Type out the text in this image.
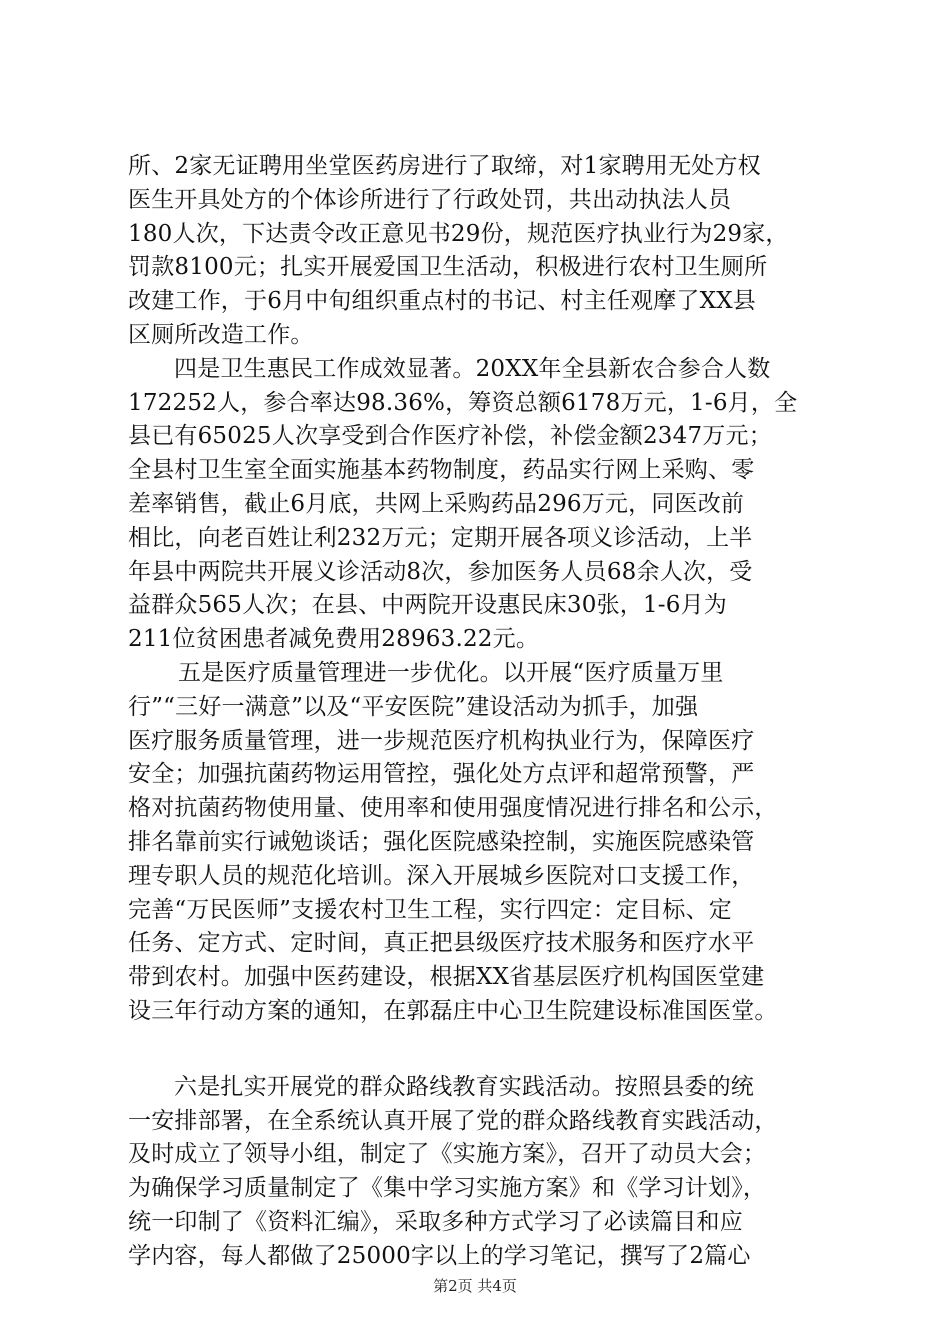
所、2家无证聘用坐堂医药房进行了取缔，对1家聘用无处方权
医生开具处方的个体诊所进行了行政处罚，共出动执法人员
180人次，下达责令改正意见书29份，规范医疗执业行为29家，
罚款8100元；扎实开展爱国卫生活动，积极进行农村卫生厕所
改建工作，于6月中旬组织重点村的书记、村主任观摩了XX县
区厕所改造工作。
四是卫生惠民工作成效显著。20XX年全县新农合参合人数
172252人，参合率达98.36%，筹资总额6178万元，1-6月，全
县已有65025人次享受到合作医疗补偿，补偿金额2347万元；
全县村卫生室全面实施基本药物制度，药品实行网上采购、零
差率销售，截止6月底，共网上采购药品296万元，同医改前
相比，向老百姓让利232万元；定期开展各项义诊活动，上半
年县中两院共开展义诊活动8次，参加医务人员68余人次，受
益群众565人次；在县、中两院开设惠民床30张，1-6月为
211位贫困患者减免费用28963.22元。
五是医疗质量管理进一步优化。以开展“医疗质量万里
行”“三好一满意”以及“平安医院”建设活动为抓手，加强
医疗服务质量管理，进一步规范医疗机构执业行为，保障医疗
安全；加强抗菌药物运用管控，强化处方点评和超常预警，严
格对抗菌药物使用量、使用率和使用强度情况进行排名和公示，
排名靠前实行诫勉谈话；强化医院感染控制，实施医院感染管
理专职人员的规范化培训。深入开展城乡医院对口支援工作，
完善“万民医师”支援农村卫生工程，实行四定：定目标、定
任务、定方式、定时间，真正把县级医疗技术服务和医疗水平
带到农村。加强中医药建设，根据XX省基层医疗机构国医堂建
设三年行动方案的通知，在郭磊庄中心卫生院建设标准国医堂。
六是扎实开展党的群众路线教育实践活动。按照县委的统
一安排部署，在全系统认真开展了党的群众路线教育实践活动，
及时成立了领导小组，制定了《实施方案》，召开了动员大会；
为确保学习质量制定了《集中学习实施方案》和《学习计划》，
统一印制了《资料汇编》，采取多种方式学习了必读篇目和应
学内容，每人都做了25000字以上的学习笔记，撰写了2篇心
第2页 共4页
